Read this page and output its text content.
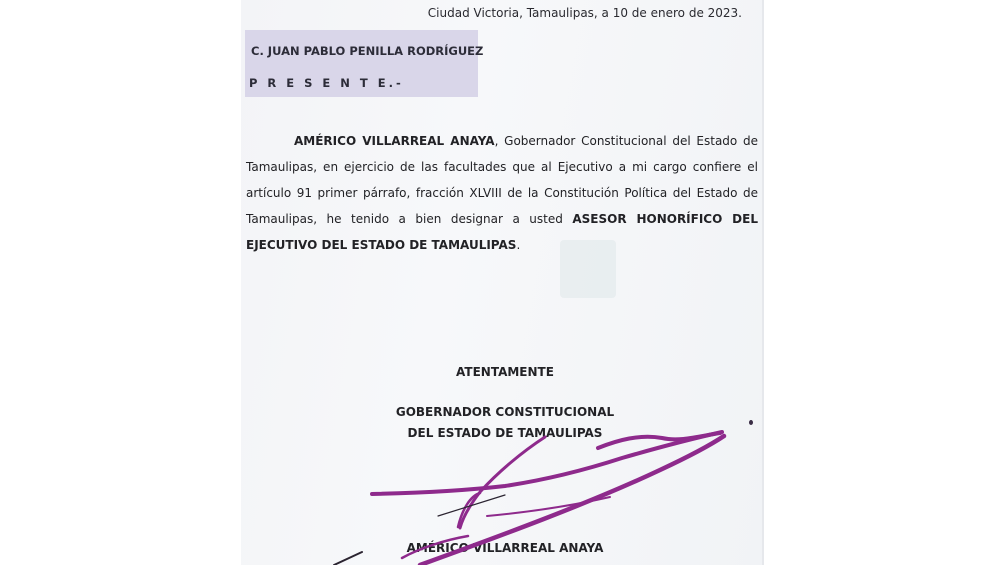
Ciudad Victoria, Tamaulipas, a 10 de enero de 2023.
C. JUAN PABLO PENILLA RODRÍGUEZ
P R E S E N T E.-
AMÉRICO VILLARREAL ANAYA, Gobernador Constitucional del Estado de Tamaulipas, en ejercicio de las facultades que al Ejecutivo a mi cargo confiere el artículo 91 primer párrafo, fracción XLVIII de la Constitución Política del Estado de Tamaulipas, he tenido a bien designar a usted ASESOR HONORÍFICO DEL EJECUTIVO DEL ESTADO DE TAMAULIPAS.
ATENTAMENTE
GOBERNADOR CONSTITUCIONAL
DEL ESTADO DE TAMAULIPAS
AMÉRICO VILLARREAL ANAYA
